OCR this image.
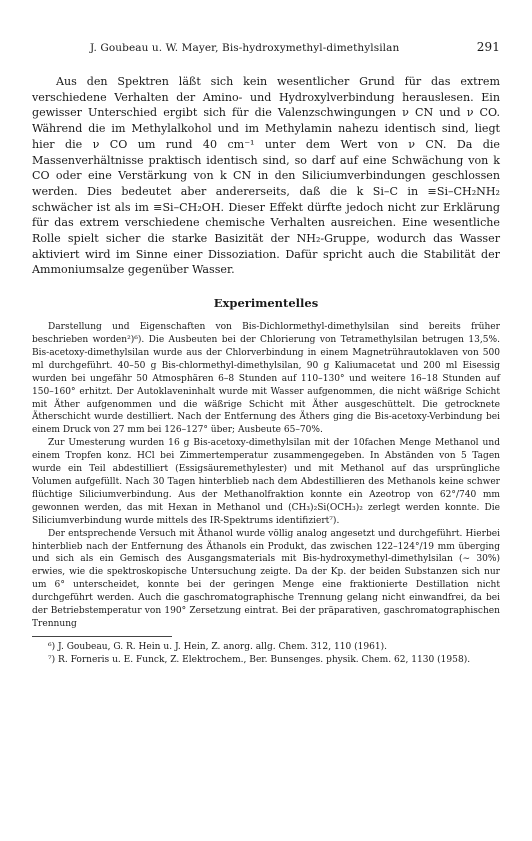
J. Goubeau u. W. Mayer, Bis-hydroxymethyl-dimethylsilan	291

Aus den Spektren läßt sich kein wesentlicher Grund für das extrem verschiedene Verhalten der Amino- und Hydroxylverbindung herauslesen. Ein gewisser Unterschied ergibt sich für die Valenzschwingungen ν CN und ν CO. Während die im Methylalkohol und im Methylamin nahezu identisch sind, liegt hier die ν CO um rund 40 cm⁻¹ unter dem Wert von ν CN. Da die Massenverhältnisse praktisch identisch sind, so darf auf eine Schwächung von k CO oder eine Verstärkung von k CN in den Siliciumverbindungen geschlossen werden. Dies bedeutet aber andererseits, daß die k Si–C in ≡Si–CH₂NH₂ schwächer ist als im ≡Si–CH₂OH. Dieser Effekt dürfte jedoch nicht zur Erklärung für das extrem verschiedene chemische Verhalten ausreichen. Eine wesentliche Rolle spielt sicher die starke Basizität der NH₂-Gruppe, wodurch das Wasser aktiviert wird im Sinne einer Dissoziation. Dafür spricht auch die Stabilität der Ammoniumsalze gegenüber Wasser.

Experimentelles

Darstellung und Eigenschaften von Bis-Dichlormethyl-dimethylsilan sind bereits früher beschrieben worden²)⁶). Die Ausbeuten bei der Chlorierung von Tetramethylsilan betrugen 13,5%. Bis-acetoxy-dimethylsilan wurde aus der Chlorverbindung in einem Magnetrührautoklaven von 500 ml durchgeführt. 40–50 g Bis-chlormethyl-dimethylsilan, 90 g Kaliumacetat und 200 ml Eisessig wurden bei ungefähr 50 Atmosphären 6–8 Stunden auf 110–130° und weitere 16–18 Stunden auf 150–160° erhitzt. Der Autoklaveninhalt wurde mit Wasser aufgenommen, die nicht wäßrige Schicht mit Äther aufgenommen und die wäßrige Schicht mit Äther ausgeschüttelt. Die getrocknete Ätherschicht wurde destilliert. Nach der Entfernung des Äthers ging die Bis-acetoxy-Verbindung bei einem Druck von 27 mm bei 126–127° über; Ausbeute 65–70%.

Zur Umesterung wurden 16 g Bis-acetoxy-dimethylsilan mit der 10fachen Menge Methanol und einem Tropfen konz. HCl bei Zimmertemperatur zusammengegeben. In Abständen von 5 Tagen wurde ein Teil abdestilliert (Essigsäuremethylester) und mit Methanol auf das ursprüngliche Volumen aufgefüllt. Nach 30 Tagen hinterblieb nach dem Abdestillieren des Methanols keine schwer flüchtige Siliciumverbindung. Aus der Methanolfraktion konnte ein Azeotrop von 62°/740 mm gewonnen werden, das mit Hexan in Methanol und (CH₃)₂Si(OCH₃)₂ zerlegt werden konnte. Die Siliciumverbindung wurde mittels des IR-Spektrums identifiziert⁷).

Der entsprechende Versuch mit Äthanol wurde völlig analog angesetzt und durchgeführt. Hierbei hinterblieb nach der Entfernung des Äthanols ein Produkt, das zwischen 122–124°/19 mm überging und sich als ein Gemisch des Ausgangsmaterials mit Bis-hydroxymethyl-dimethylsilan (∼ 30%) erwies, wie die spektroskopische Untersuchung zeigte. Da der Kp. der beiden Substanzen sich nur um 6° unterscheidet, konnte bei der geringen Menge eine fraktionierte Destillation nicht durchgeführt werden. Auch die gaschromatographische Trennung gelang nicht einwandfrei, da bei der Betriebstemperatur von 190° Zersetzung eintrat. Bei der präparativen, gaschromatographischen Trennung

⁶) J. Goubeau, G. R. Hein u. J. Hein, Z. anorg. allg. Chem. 312, 110 (1961).

⁷) R. Forneris u. E. Funck, Z. Elektrochem., Ber. Bunsenges. physik. Chem. 62, 1130 (1958).
